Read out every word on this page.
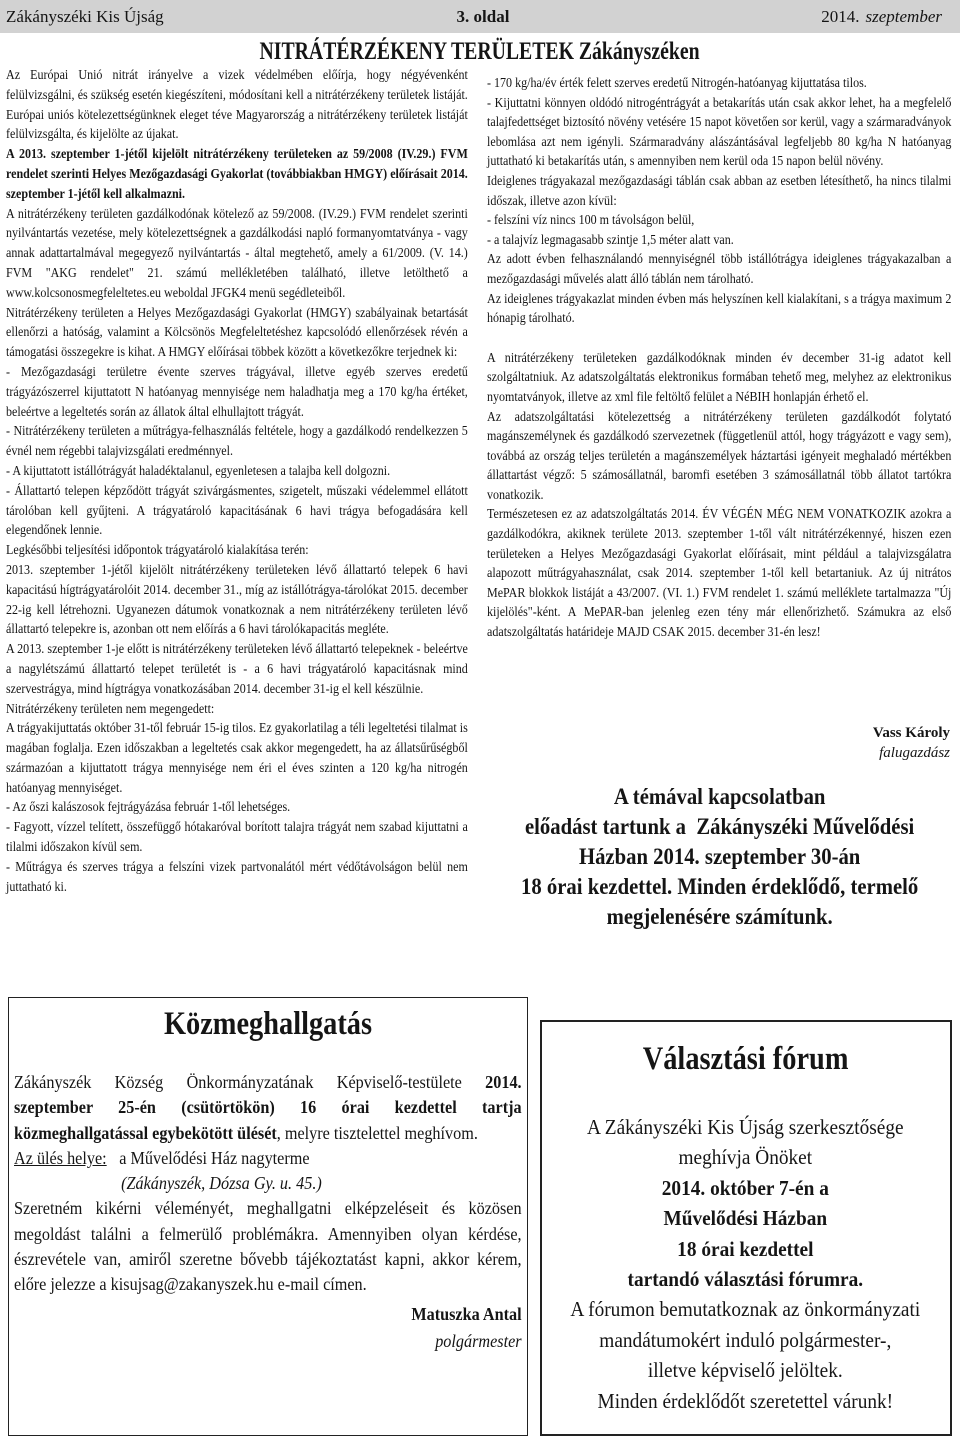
Zákányszéki Kis Újság	3. oldal	2014. szeptember
NITRÁTÉRZÉKENY TERÜLETEK Zákányszéken

Az Európai Unió nitrát irányelve a vizek védelmében előírja, hogy négyévenként felülvizsgálni, és szükség esetén kiegészíteni, módosítani kell a nitrátérzékeny területek listáját. Európai uniós kötelezettségünknek eleget téve Magyarország a nitrátérzékeny területek listáját felülvizsgálta, és kijelölte az újakat.

A 2013. szeptember 1-jétől kijelölt nitrátérzékeny területeken az 59/2008 (IV.29.) FVM rendelet szerinti Helyes Mezőgazdasági Gyakorlat (továbbiakban HMGY) előírásait 2014. szeptember 1-jétől kell alkalmazni.

A nitrátérzékeny területen gazdálkodónak kötelező az 59/2008. (IV.29.) FVM rendelet szerinti nyilvántartás vezetése, mely kötelezettségnek a gazdálkodási napló formanyomtatványa - vagy annak adattartalmával megegyező nyilvántartás - által megtehető, amely a 61/2009. (V. 14.) FVM "AKG rendelet" 21. számú mellékletében található, illetve letölthető a www.kolcsonosmegfeleltetes.eu weboldal JFGK4 menü segédleteiből.

Nitrátérzékeny területen a Helyes Mezőgazdasági Gyakorlat (HMGY) szabályainak betartását ellenőrzi a hatóság, valamint a Kölcsönös Megfeleltetéshez kapcsolódó ellenőrzések révén a támogatási összegekre is kihat. A HMGY előírásai többek között a következőkre terjednek ki:

- Mezőgazdasági területre évente szerves trágyával, illetve egyéb szerves eredetű trágyázószerrel kijuttatott N hatóanyag mennyisége nem haladhatja meg a 170 kg/ha értéket, beleértve a legeltetés során az állatok által elhullajtott trágyát.

- Nitrátérzékeny területen a műtrágya-felhasználás feltétele, hogy a gazdálkodó rendelkezzen 5 évnél nem régebbi talajvizsgálati eredménnyel.

- A kijuttatott istállótrágyát haladéktalanul, egyenletesen a talajba kell dolgozni.

- Állattartó telepen képződött trágyát szivárgásmentes, szigetelt, műszaki védelemmel ellátott tárolóban kell gyűjteni. A trágyatároló kapacitásának 6 havi trágya befogadására kell elegendőnek lennie.

Legkésőbbi teljesítési időpontok trágyatároló kialakítása terén:

2013. szeptember 1-jétől kijelölt nitrátérzékeny területeken lévő állattartó telepek 6 havi kapacitású hígtrágyatárolóit 2014. december 31., míg az istállótrágya-tárolókat 2015. december 22-ig kell létrehozni. Ugyanezen dátumok vonatkoznak a nem nitrátérzékeny területen lévő állattartó telepekre is, azonban ott nem előírás a 6 havi tárolókapacitás megléte.

A 2013. szeptember 1-je előtt is nitrátérzékeny területeken lévő állattartó telepeknek - beleértve a nagylétszámú állattartó telepet területét is - a 6 havi trágyatároló kapacitásnak mind szervestrágya, mind hígtrágya vonatkozásában 2014. december 31-ig el kell készülnie.

Nitrátérzékeny területen nem megengedett:

A trágyakijuttatás október 31-től február 15-ig tilos. Ez gyakorlatilag a téli legeltetési tilalmat is magában foglalja. Ezen időszakban a legeltetés csak akkor megengedett, ha az állatsűrűségből származóan a kijuttatott trágya mennyisége nem éri el éves szinten a 120 kg/ha nitrogén hatóanyag mennyiséget.

- Az őszi kalászosok fejtrágyázása február 1-től lehetséges.

- Fagyott, vízzel telített, összefüggő hótakaróval borított talajra trágyát nem szabad kijuttatni a tilalmi időszakon kívül sem.

- Műtrágya és szerves trágya a felszíni vizek partvonalától mért védőtávolságon belül nem juttatható ki.

- 170 kg/ha/év érték felett szerves eredetű Nitrogén-hatóanyag kijuttatása tilos.

- Kijuttatni könnyen oldódó nitrogéntrágyát a betakarítás után csak akkor lehet, ha a megfelelő talajfedettséget biztosító növény vetésére 15 napot követően sor kerül, vagy a szármaradványok lebomlása azt nem igényli. Szármaradvány alászántásával legfeljebb 80 kg/ha N hatóanyag juttatható ki betakarítás után, s amennyiben nem kerül oda 15 napon belül növény.

Ideiglenes trágyakazal mezőgazdasági táblán csak abban az esetben létesíthető, ha nincs tilalmi időszak, illetve azon kívül:

- felszíni víz nincs 100 m távolságon belül,

- a talajvíz legmagasabb szintje 1,5 méter alatt van.

Az adott évben felhasználandó mennyiségnél több istállótrágya ideiglenes trágyakazalban a mezőgazdasági művelés alatt álló táblán nem tárolható.

Az ideiglenes trágyakazlat minden évben más helyszínen kell kialakítani, s a trágya maximum 2 hónapig tárolható.

A nitrátérzékeny területeken gazdálkodóknak minden év december 31-ig adatot kell szolgáltatniuk. Az adatszolgáltatás elektronikus formában tehető meg, melyhez az elektronikus nyomtatványok, illetve az xml file feltöltő felület a NéBIH honlapján érhető el.

Az adatszolgáltatási kötelezettség a nitrátérzékeny területen gazdálkodót folytató magánszemélynek és gazdálkodó szervezetnek (függetlenül attól, hogy trágyázott e vagy sem), továbbá az ország teljes területén a magánszemélyek háztartási igényeit meghaladó mértékben állattartást végző: 5 számosállatnál, baromfi esetében 3 számosállatnál több állatot tartókra vonatkozik.

Természetesen ez az adatszolgáltatás 2014. ÉV VÉGÉN MÉG NEM VONATKOZIK azokra a gazdálkodókra, akiknek területe 2013. szeptember 1-től vált nitrátérzékennyé, hiszen ezen területeken a Helyes Mezőgazdasági Gyakorlat előírásait, mint például a talajvizsgálatra alapozott műtrágyahasználat, csak 2014. szeptember 1-től kell betartaniuk. Az új nitrátos MePAR blokkok listáját a 43/2007. (VI. 1.) FVM rendelet 1. számú melléklete tartalmazza "Új kijelölés"-ként. A MePAR-ban jelenleg ezen tény már ellenőrizhető. Számukra az első adatszolgáltatás határideje MAJD CSAK 2015. december 31-én lesz!

Vass Károly
falugazdász
A témával kapcsolatban
előadást tartunk a  Zákányszéki Művelődési
Házban 2014. szeptember 30-án
18 órai kezdettel. Minden érdeklődő, termelő
megjelenésére számítunk.
Közmeghallgatás

Zákányszék Község Önkormányzatának Képviselő-testülete 2014. szeptember 25-én (csütörtökön) 16 órai kezdettel tartja közmeghallgatással egybekötött ülését, melyre tisztelettel meghívom.

Az ülés helye: a Művelődési Ház nagyterme

(Zákányszék, Dózsa Gy. u. 45.)

Szeretném kikérni véleményét, meghallgatni elképzeléseit és közösen megoldást találni a felmerülő problémákra. Amennyiben olyan kérdése, észrevétele van, amiről szeretne bővebb tájékoztatást kapni, akkor kérem, előre jelezze a kisujsag@zakanyszek.hu e-mail címen.

Matuszka Antal
polgármester
Választási fórum
A Zákányszéki Kis Újság szerkesztősége
meghívja Önöket
2014. október 7-én a
Művelődési Házban
18 órai kezdettel
tartandó választási fórumra.
A fórumon bemutatkoznak az önkormányzati
mandátumokért induló polgármester-,
illetve képviselő jelöltek.
Minden érdeklődőt szeretettel várunk!
